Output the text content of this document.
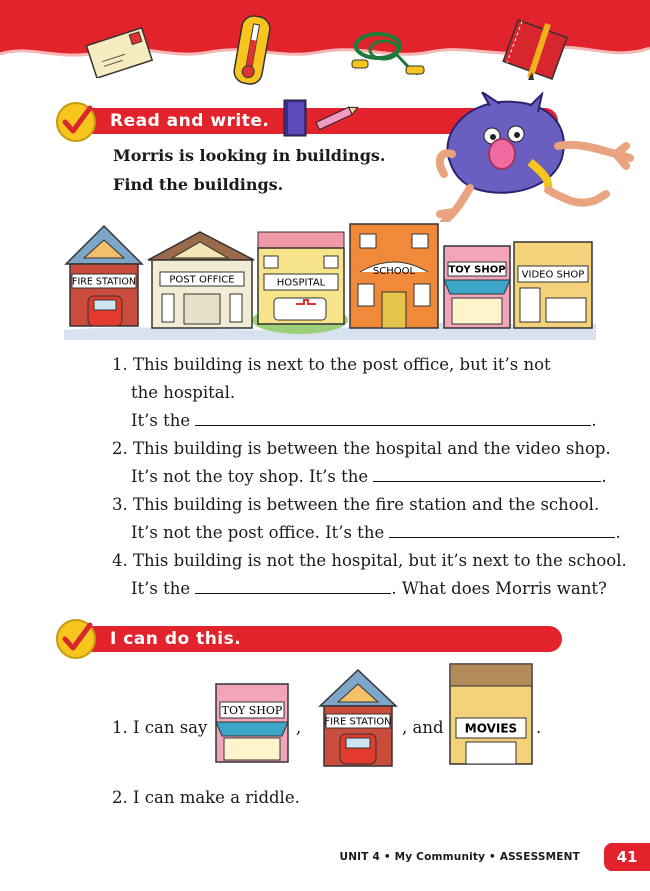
Read and write.
Morris is looking in buildings.
Find the buildings.
FIRE STATION	POST OFFICE	HOSPITAL
SCHOOL	TOY SHOP VIDEO SHOP
1. This building is next to the post office, but it’s not
the hospital.
It’s the	.
2. This building is between the hospital and the video shop.
It’s not the toy shop. It’s the	.
3. This building is between the fire station and the school.
It’s not the post office. It’s the	.
4. This building is not the hospital, but it’s next to the school.
It’s the	. What does Morris want?
I can do this.
1. I can say
TOY SHOP
, FIRE STATION , and MOVIES .
2. I can make a riddle.
UNIT 4 • My Community • ASSESSMENT	41
